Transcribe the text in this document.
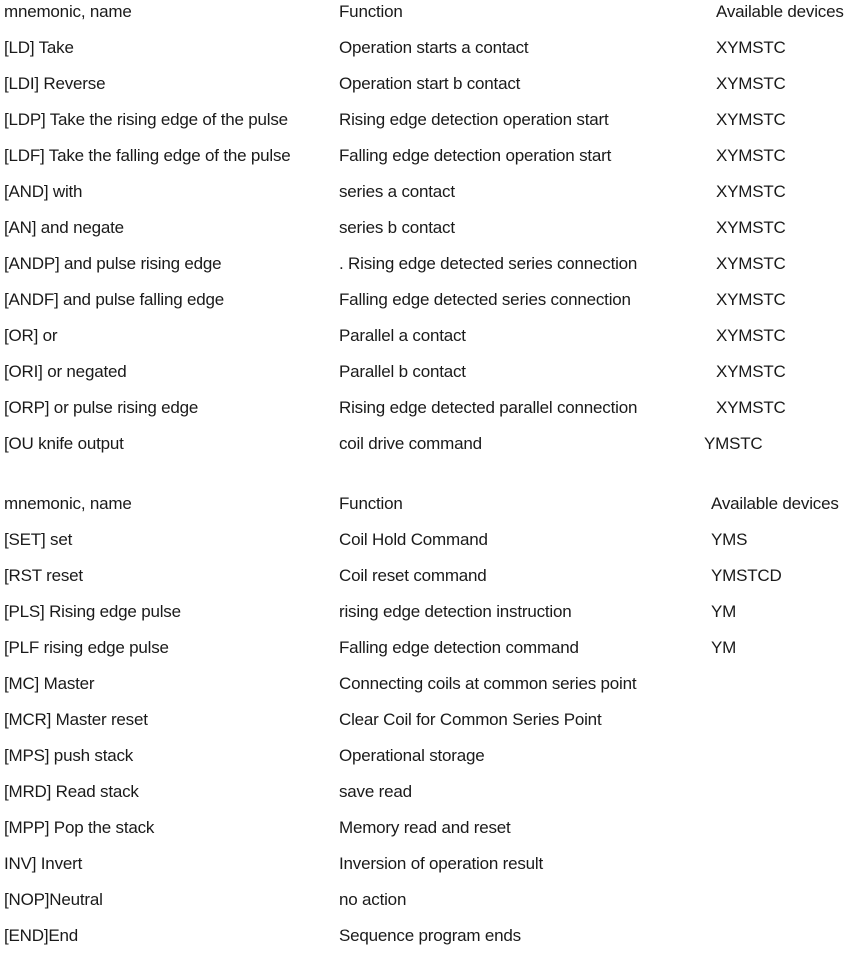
mnemonic, name	Function	Available devices
[LD] Take	Operation starts a contact	XYMSTC
[LDI] Reverse	Operation start b contact	XYMSTC
[LDP] Take the rising edge of the pulse	Rising edge detection operation start	XYMSTC
[LDF] Take the falling edge of the pulse	Falling edge detection operation start	XYMSTC
[AND] with	series a contact	XYMSTC
[AN] and negate	series b contact	XYMSTC
[ANDP] and pulse rising edge	. Rising edge detected series connection	XYMSTC
[ANDF] and pulse falling edge	Falling edge detected series connection	XYMSTC
[OR] or	Parallel a contact	XYMSTC
[ORI] or negated	Parallel b contact	XYMSTC
[ORP] or pulse rising edge	Rising edge detected parallel connection	XYMSTC
[OU knife output	coil drive command	YMSTC
mnemonic, name	Function	Available devices
[SET] set	Coil Hold Command	YMS
[RST reset	Coil reset command	YMSTCD
[PLS] Rising edge pulse	rising edge detection instruction	YM
[PLF rising edge pulse	Falling edge detection command	YM
[MC] Master	Connecting coils at common series point
[MCR] Master reset	Clear Coil for Common Series Point
[MPS] push stack	Operational storage
[MRD] Read stack	save read
[MPP] Pop the stack	Memory read and reset
INV] Invert	Inversion of operation result
[NOP]Neutral	no action
[END]End	Sequence program ends
